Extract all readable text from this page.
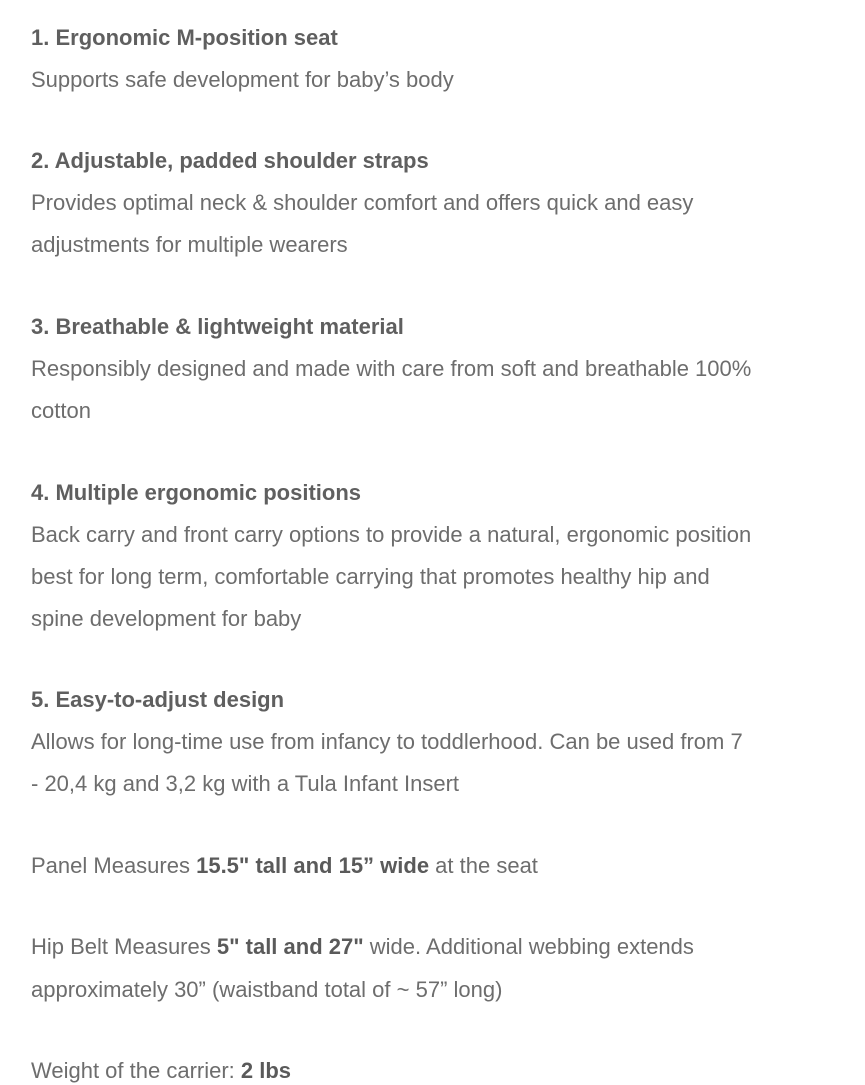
1. Ergonomic M-position seat
Supports safe development for baby’s body
2. Adjustable, padded shoulder straps
Provides optimal neck & shoulder comfort and offers quick and easy
adjustments for multiple wearers
3. Breathable & lightweight material
Responsibly designed and made with care from soft and breathable 100%
cotton
4. Multiple ergonomic positions
Back carry and front carry options to provide a natural, ergonomic position
best for long term, comfortable carrying that promotes healthy hip and
spine development for baby
5. Easy-to-adjust design
Allows for long-time use from infancy to toddlerhood. Can be used from 7
- 20,4 kg and 3,2 kg with a Tula Infant Insert
Panel Measures 15.5" tall and 15” wide at the seat
Hip Belt Measures 5" tall and 27" wide. Additional webbing extends
approximately 30” (waistband total of ~ 57” long)
Weight of the carrier: 2 lbs
